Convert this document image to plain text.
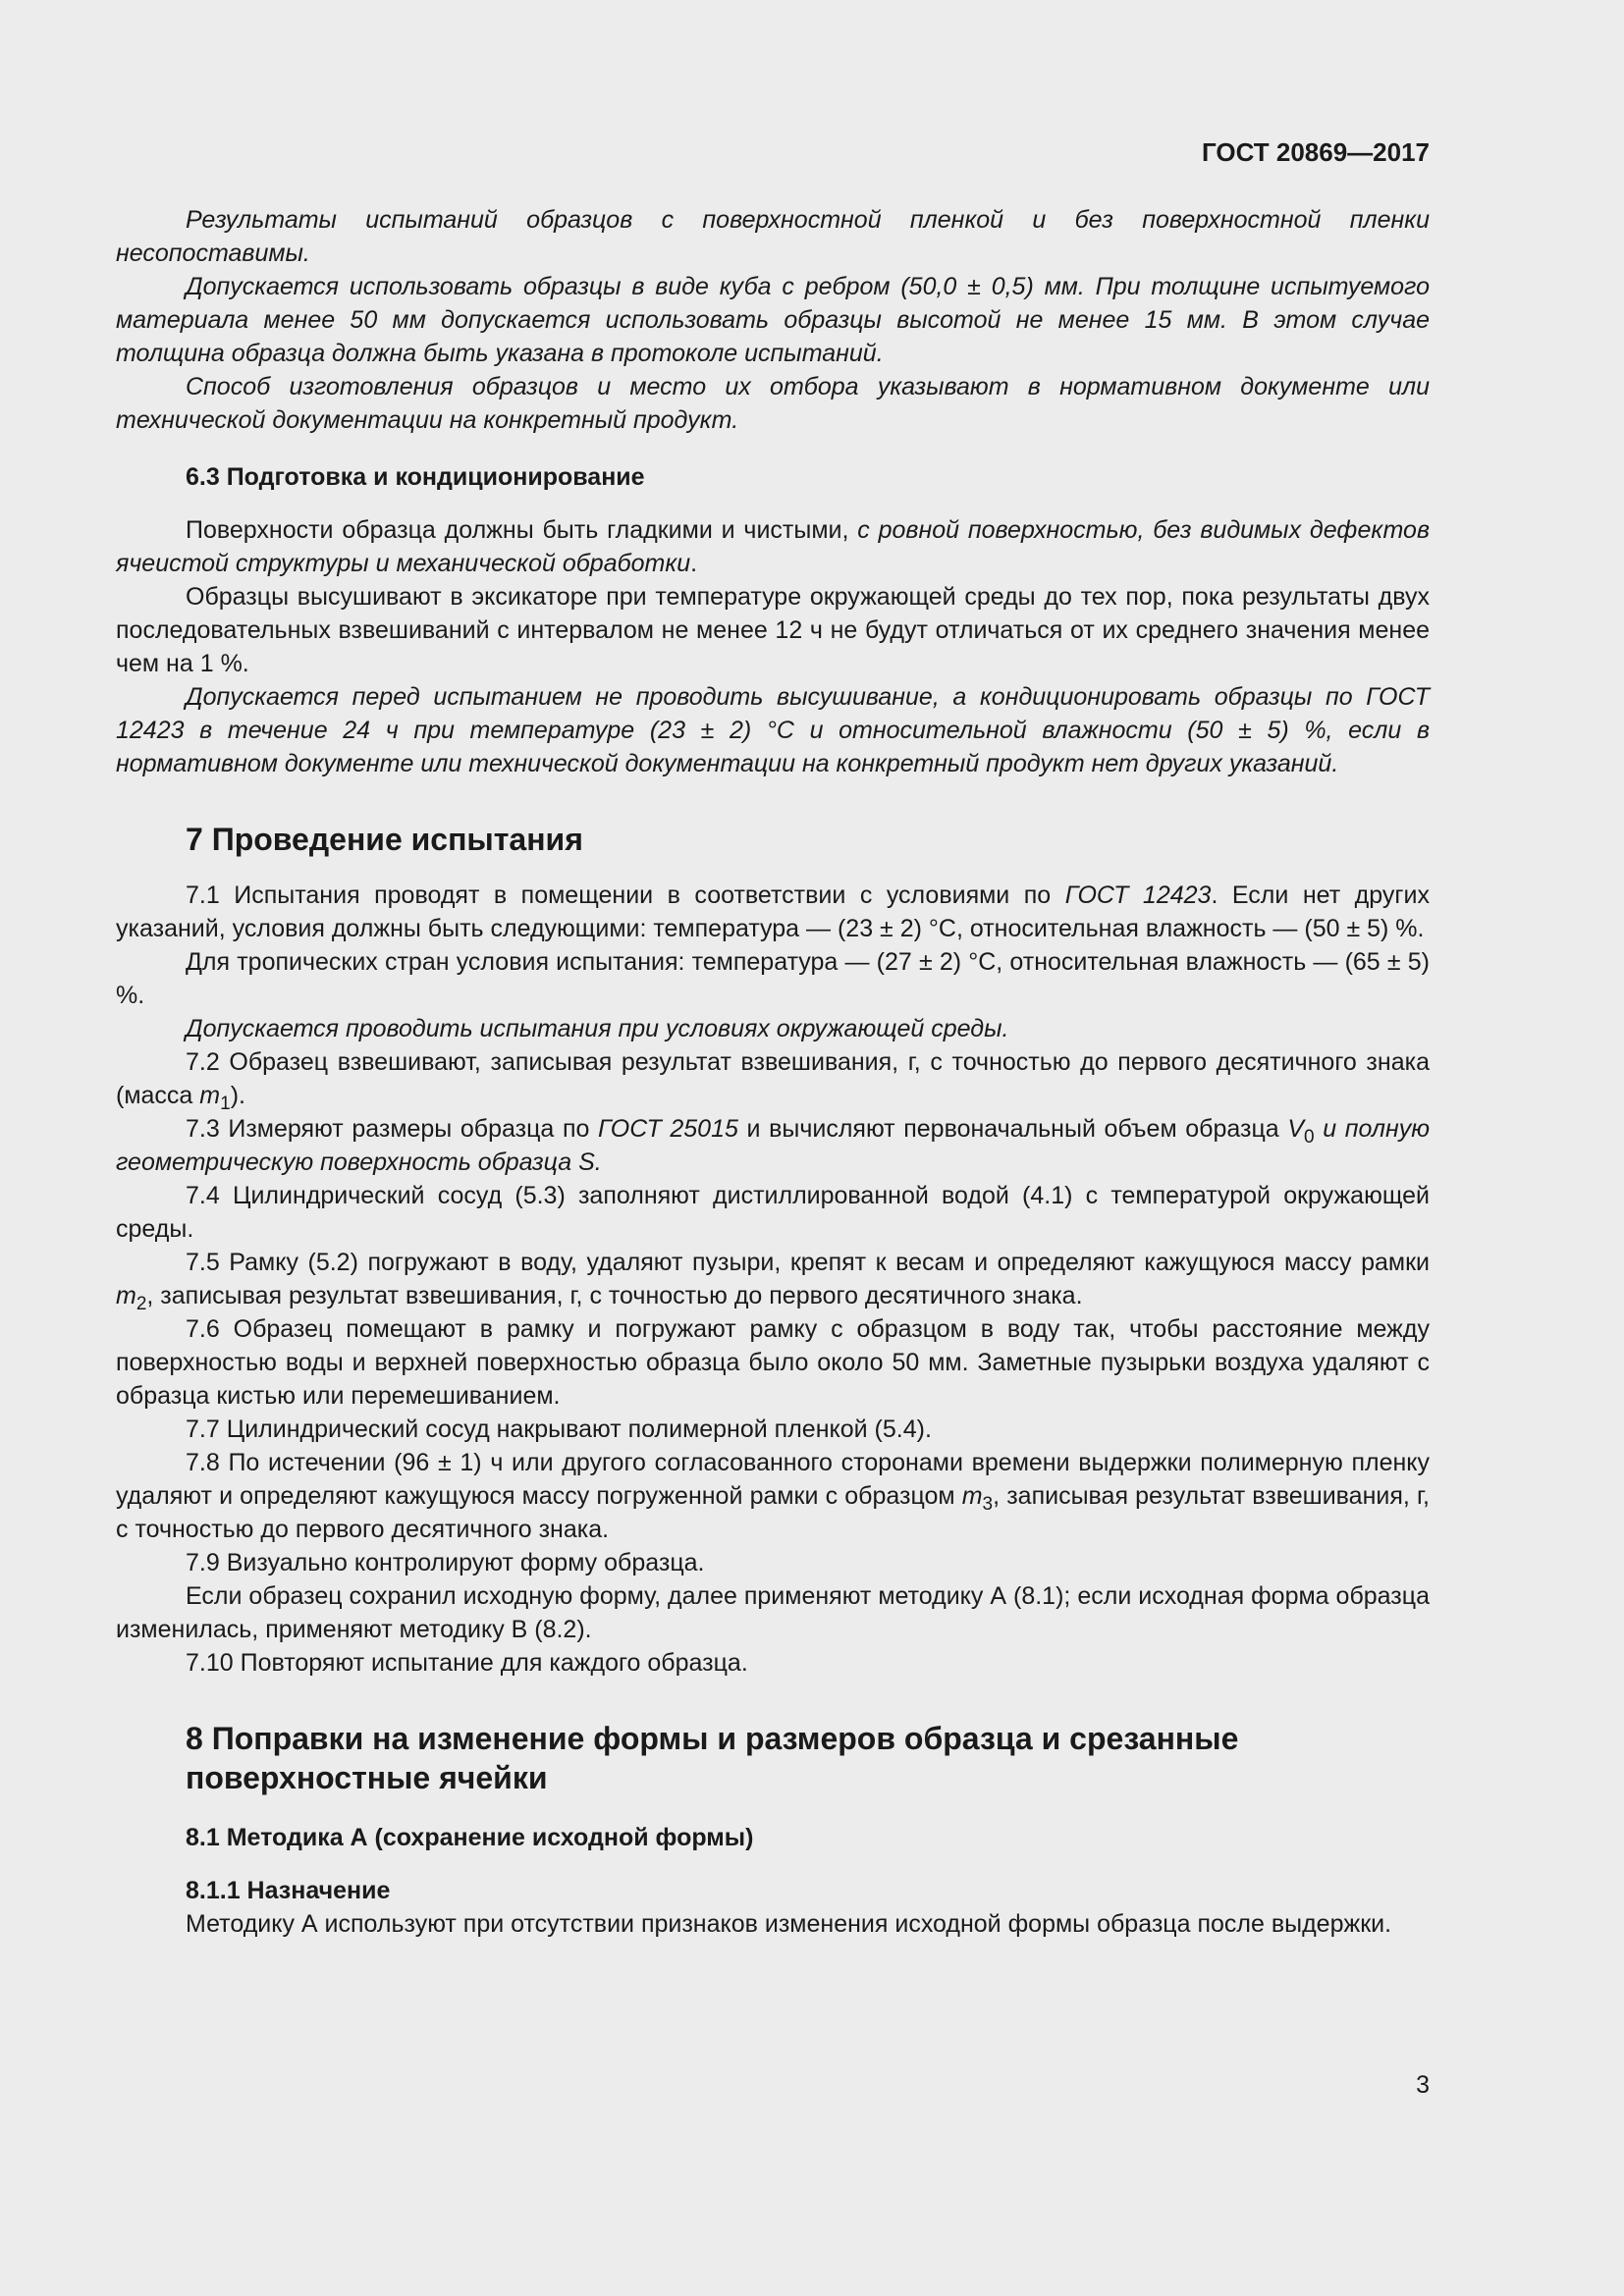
ГОСТ 20869—2017

Результаты испытаний образцов с поверхностной пленкой и без поверхностной пленки несопоставимы.

Допускается использовать образцы в виде куба с ребром (50,0 ± 0,5) мм. При толщине испытуемого материала менее 50 мм допускается использовать образцы высотой не менее 15 мм. В этом случае толщина образца должна быть указана в протоколе испытаний.

Способ изготовления образцов и место их отбора указывают в нормативном документе или технической документации на конкретный продукт.

6.3 Подготовка и кондиционирование

Поверхности образца должны быть гладкими и чистыми, с ровной поверхностью, без видимых дефектов ячеистой структуры и механической обработки.

Образцы высушивают в эксикаторе при температуре окружающей среды до тех пор, пока результаты двух последовательных взвешиваний с интервалом не менее 12 ч не будут отличаться от их среднего значения менее чем на 1 %.

Допускается перед испытанием не проводить высушивание, а кондиционировать образцы по ГОСТ 12423 в течение 24 ч при температуре (23 ± 2) °С и относительной влажности (50 ± 5) %, если в нормативном документе или технической документации на конкретный продукт нет других указаний.

7 Проведение испытания

7.1 Испытания проводят в помещении в соответствии с условиями по ГОСТ 12423. Если нет других указаний, условия должны быть следующими: температура — (23 ± 2) °С, относительная влажность — (50 ± 5) %.

Для тропических стран условия испытания: температура — (27 ± 2) °С, относительная влажность — (65 ± 5) %.

Допускается проводить испытания при условиях окружающей среды.

7.2 Образец взвешивают, записывая результат взвешивания, г, с точностью до первого десятичного знака (масса $m_1$).

7.3 Измеряют размеры образца по ГОСТ 25015 и вычисляют первоначальный объем образца $V_0$ и полную геометрическую поверхность образца S.

7.4 Цилиндрический сосуд (5.3) заполняют дистиллированной водой (4.1) с температурой окружающей среды.

7.5 Рамку (5.2) погружают в воду, удаляют пузыри, крепят к весам и определяют кажущуюся массу рамки $m_2$, записывая результат взвешивания, г, с точностью до первого десятичного знака.

7.6 Образец помещают в рамку и погружают рамку с образцом в воду так, чтобы расстояние между поверхностью воды и верхней поверхностью образца было около 50 мм. Заметные пузырьки воздуха удаляют с образца кистью или перемешиванием.

7.7 Цилиндрический сосуд накрывают полимерной пленкой (5.4).

7.8 По истечении (96 ± 1) ч или другого согласованного сторонами времени выдержки полимерную пленку удаляют и определяют кажущуюся массу погруженной рамки с образцом $m_3$, записывая результат взвешивания, г, с точностью до первого десятичного знака.

7.9 Визуально контролируют форму образца.

Если образец сохранил исходную форму, далее применяют методику А (8.1); если исходная форма образца изменилась, применяют методику В (8.2).

7.10 Повторяют испытание для каждого образца.

8 Поправки на изменение формы и размеров образца и срезанные поверхностные ячейки
8.1 Методика А (сохранение исходной формы)
8.1.1 Назначение

Методику А используют при отсутствии признаков изменения исходной формы образца после выдержки.

3
